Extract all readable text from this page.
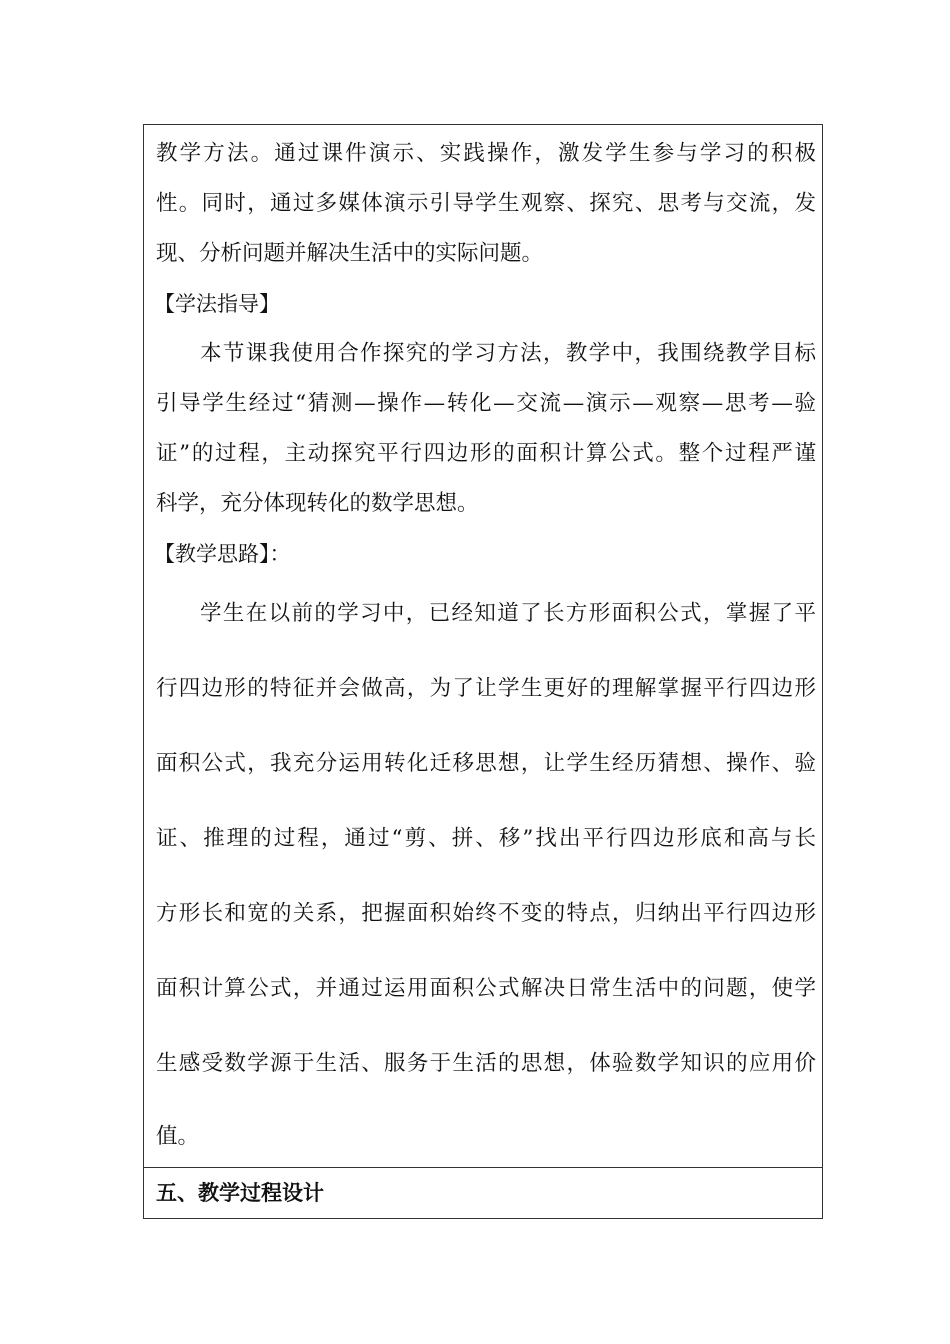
教学方法。通过课件演示、实践操作，激发学生参与学习的积极
性。同时，通过多媒体演示引导学生观察、探究、思考与交流，发
现、分析问题并解决生活中的实际问题。
【学法指导】
本节课我使用合作探究的学习方法，教学中，我围绕教学目标
引导学生经过“猜测—操作—转化—交流—演示—观察—思考—验
证”的过程，主动探究平行四边形的面积计算公式。整个过程严谨
科学，充分体现转化的数学思想。
【教学思路】：
学生在以前的学习中，已经知道了长方形面积公式，掌握了平
行四边形的特征并会做高，为了让学生更好的理解掌握平行四边形
面积公式，我充分运用转化迁移思想，让学生经历猜想、操作、验
证、推理的过程，通过“剪、拼、移”找出平行四边形底和高与长
方形长和宽的关系，把握面积始终不变的特点，归纳出平行四边形
面积计算公式，并通过运用面积公式解决日常生活中的问题，使学
生感受数学源于生活、服务于生活的思想，体验数学知识的应用价
值。
五、教学过程设计
